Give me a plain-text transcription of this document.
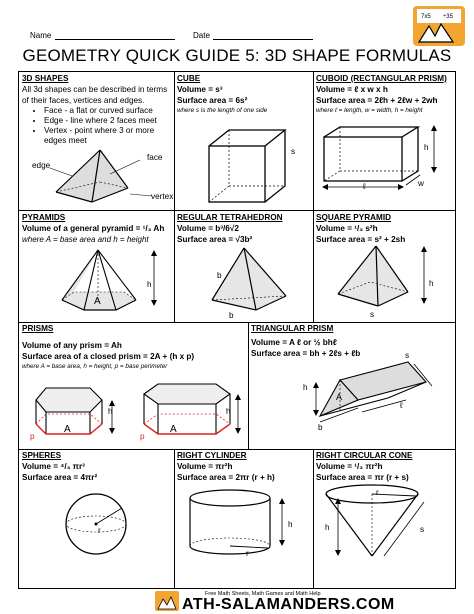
Name	Date
GEOMETRY QUICK GUIDE 5: 3D SHAPE FORMULAS
7x5 ÷35
3D SHAPES
All 3d shapes can be described in terms of their faces, vertices and edges.
• Face - a flat or curved surface
• Edge - line where 2 faces meet
• Vertex - point where 3 or more edges meet
edge
face
vertex
CUBE
Volume = s³
Surface area = 6s²
where s is the length of one side
s
CUBOID (RECTANGULAR PRISM)
Volume = ℓ x w x h
Surface area = 2ℓh + 2ℓw + 2wh
where ℓ = length, w = width, h = height
h
ℓ	w
PYRAMIDS
Volume of a general pyramid = ¹/₃ Ah
where A = base area and h = height
A
h
REGULAR TETRAHEDRON
Volume = b³/6√2
Surface area = √3b²
b
b
SQUARE PYRAMID
Volume = ¹/₃ s²h
Surface area = s² + 2sh
h
s
PRISMS
Volume of any prism = Ah
Surface area of a closed prism = 2A + (h x p)
where A = base area, h = height, p = base perimeter
h	h
A	A
p	p
TRIANGULAR PRISM
Volume = A ℓ or ½ bhℓ
Surface area = bh + 2ℓs + ℓb	s
h
A
ℓ
b
SPHERES
Volume = ⁴/₃ πr³
Surface area = 4πr²
r
RIGHT CYLINDER
Volume = πr²h
Surface area = 2πr (r + h)
h
r
RIGHT CIRCULAR CONE
Volume = ¹/₃ πr²h
Surface area = πr (r + s)
h	s
r
Free Math Sheets, Math Games and Math Help
ATH-SALAMANDERS.COM
